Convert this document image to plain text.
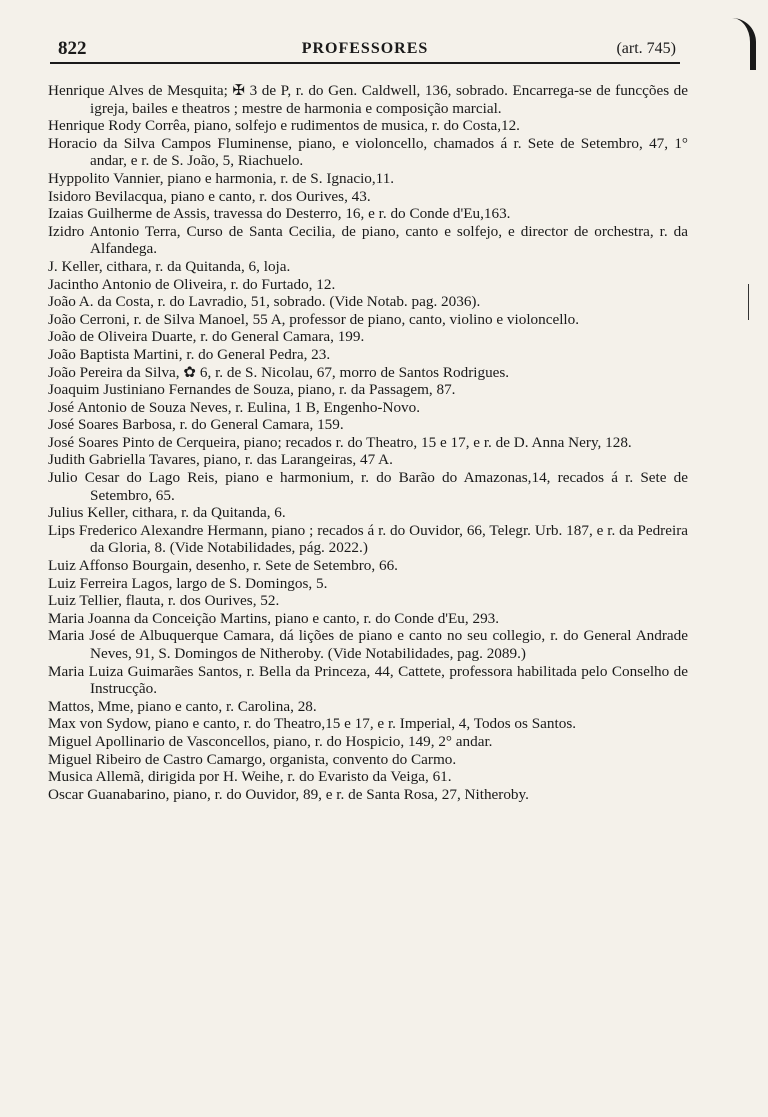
822	PROFESSORES	(art. 745)

Henrique Alves de Mesquita; ✠ 3 de P, r. do Gen. Caldwell, 136, sobrado. Encarrega-se de funcções de igreja, bailes e theatros ; mestre de harmonia e composição marcial.

Henrique Rody Corrêa, piano, solfejo e rudimentos de musica, r. do Costa,12.

Horacio da Silva Campos Fluminense, piano, e violoncello, chamados á r. Sete de Setembro, 47, 1° andar, e r. de S. João, 5, Riachuelo.

Hyppolito Vannier, piano e harmonia, r. de S. Ignacio,11.

Isidoro Bevilacqua, piano e canto, r. dos Ourives, 43.

Izaias Guilherme de Assis, travessa do Desterro, 16, e r. do Conde d'Eu,163.

Izidro Antonio Terra, Curso de Santa Cecilia, de piano, canto e solfejo, e director de orchestra, r. da Alfandega.

J. Keller, cithara, r. da Quitanda, 6, loja.

Jacintho Antonio de Oliveira, r. do Furtado, 12.

João A. da Costa, r. do Lavradio, 51, sobrado. (Vide Notab. pag. 2036).

João Cerroni, r. de Silva Manoel, 55 A, professor de piano, canto, violino e violoncello.

João de Oliveira Duarte, r. do General Camara, 199.

João Baptista Martini, r. do General Pedra, 23.

João Pereira da Silva, ✿ 6, r. de S. Nicolau, 67, morro de Santos Rodrigues.

Joaquim Justiniano Fernandes de Souza, piano, r. da Passagem, 87.

José Antonio de Souza Neves, r. Eulina, 1 B, Engenho-Novo.

José Soares Barbosa, r. do General Camara, 159.

José Soares Pinto de Cerqueira, piano; recados r. do Theatro, 15 e 17, e r. de D. Anna Nery, 128.

Judith Gabriella Tavares, piano, r. das Larangeiras, 47 A.

Julio Cesar do Lago Reis, piano e harmonium, r. do Barão do Amazonas,14, recados á r. Sete de Setembro, 65.

Julius Keller, cithara, r. da Quitanda, 6.

Lips Frederico Alexandre Hermann, piano ; recados á r. do Ouvidor, 66, Telegr. Urb. 187, e r. da Pedreira da Gloria, 8. (Vide Notabilidades, pág. 2022.)

Luiz Affonso Bourgain, desenho, r. Sete de Setembro, 66.

Luiz Ferreira Lagos, largo de S. Domingos, 5.

Luiz Tellier, flauta, r. dos Ourives, 52.

Maria Joanna da Conceição Martins, piano e canto, r. do Conde d'Eu, 293.

Maria José de Albuquerque Camara, dá lições de piano e canto no seu collegio, r. do General Andrade Neves, 91, S. Domingos de Nitheroby. (Vide Notabilidades, pag. 2089.)

Maria Luiza Guimarães Santos, r. Bella da Princeza, 44, Cattete, professora habilitada pelo Conselho de Instrucção.

Mattos, Mme, piano e canto, r. Carolina, 28.

Max von Sydow, piano e canto, r. do Theatro,15 e 17, e r. Imperial, 4, Todos os Santos.

Miguel Apollinario de Vasconcellos, piano, r. do Hospicio, 149, 2° andar.

Miguel Ribeiro de Castro Camargo, organista, convento do Carmo.

Musica Allemã, dirigida por H. Weihe, r. do Evaristo da Veiga, 61.

Oscar Guanabarino, piano, r. do Ouvidor, 89, e r. de Santa Rosa, 27, Nitheroby.
